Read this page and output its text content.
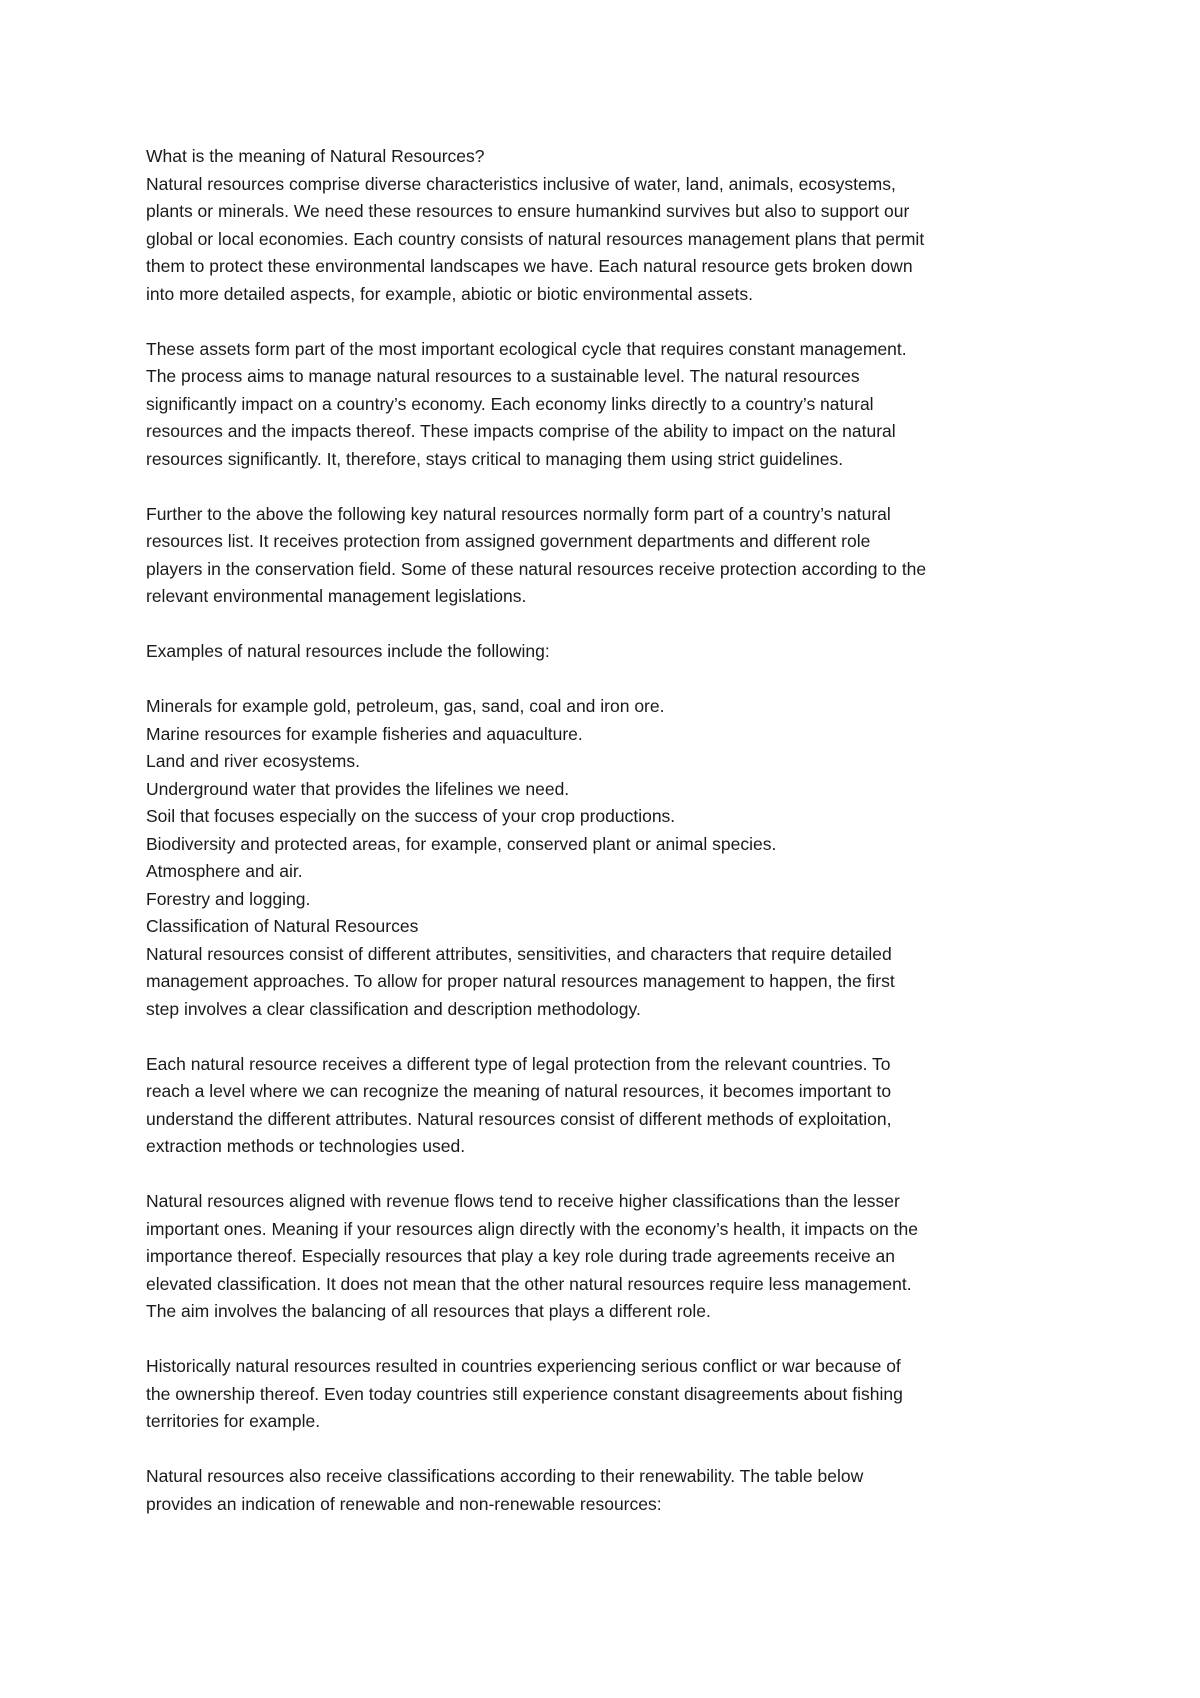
What is the meaning of Natural Resources?
Natural resources comprise diverse characteristics inclusive of water, land, animals, ecosystems,
plants or minerals. We need these resources to ensure humankind survives but also to support our
global or local economies. Each country consists of natural resources management plans that permit
them to protect these environmental landscapes we have. Each natural resource gets broken down
into more detailed aspects, for example, abiotic or biotic environmental assets.
These assets form part of the most important ecological cycle that requires constant management.
The process aims to manage natural resources to a sustainable level. The natural resources
significantly impact on a country’s economy. Each economy links directly to a country’s natural
resources and the impacts thereof. These impacts comprise of the ability to impact on the natural
resources significantly. It, therefore, stays critical to managing them using strict guidelines.
Further to the above the following key natural resources normally form part of a country’s natural
resources list. It receives protection from assigned government departments and different role
players in the conservation field. Some of these natural resources receive protection according to the
relevant environmental management legislations.
Examples of natural resources include the following:
Minerals for example gold, petroleum, gas, sand, coal and iron ore.
Marine resources for example fisheries and aquaculture.
Land and river ecosystems.
Underground water that provides the lifelines we need.
Soil that focuses especially on the success of your crop productions.
Biodiversity and protected areas, for example, conserved plant or animal species.
Atmosphere and air.
Forestry and logging.
Classification of Natural Resources
Natural resources consist of different attributes, sensitivities, and characters that require detailed
management approaches. To allow for proper natural resources management to happen, the first
step involves a clear classification and description methodology.
Each natural resource receives a different type of legal protection from the relevant countries. To
reach a level where we can recognize the meaning of natural resources, it becomes important to
understand the different attributes. Natural resources consist of different methods of exploitation,
extraction methods or technologies used.
Natural resources aligned with revenue flows tend to receive higher classifications than the lesser
important ones. Meaning if your resources align directly with the economy’s health, it impacts on the
importance thereof. Especially resources that play a key role during trade agreements receive an
elevated classification. It does not mean that the other natural resources require less management.
The aim involves the balancing of all resources that plays a different role.
Historically natural resources resulted in countries experiencing serious conflict or war because of
the ownership thereof. Even today countries still experience constant disagreements about fishing
territories for example.
Natural resources also receive classifications according to their renewability. The table below
provides an indication of renewable and non-renewable resources:
